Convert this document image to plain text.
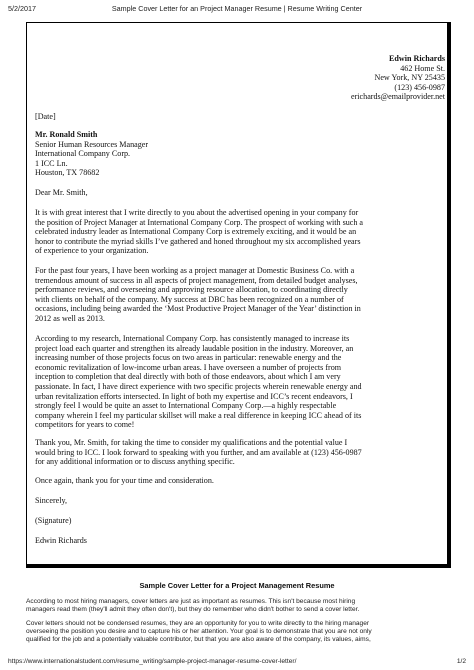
5/2/2017	Sample Cover Letter for an Project Manager Resume | Resume Writing Center
Edwin Richards
462 Home St.
New York, NY 25435
(123) 456-0987
erichards@emailprovider.net
[Date]
Mr. Ronald Smith
Senior Human Resources Manager
International Company Corp.
1 ICC Ln.
Houston, TX 78682
Dear Mr. Smith,
It is with great interest that I write directly to you about the advertised opening in your company for
the position of Project Manager at International Company Corp. The prospect of working with such a
celebrated industry leader as International Company Corp is extremely exciting, and it would be an
honor to contribute the myriad skills I’ve gathered and honed throughout my six accomplished years
of experience to your organization.
For the past four years, I have been working as a project manager at Domestic Business Co. with a
tremendous amount of success in all aspects of project management, from detailed budget analyses,
performance reviews, and overseeing and approving resource allocation, to coordinating directly
with clients on behalf of the company. My success at DBC has been recognized on a number of
occasions, including being awarded the ‘Most Productive Project Manager of the Year’ distinction in
2012 as well as 2013.
According to my research, International Company Corp. has consistently managed to increase its
project load each quarter and strengthen its already laudable position in the industry. Moreover, an
increasing number of those projects focus on two areas in particular: renewable energy and the
economic revitalization of low-income urban areas. I have overseen a number of projects from
inception to completion that deal directly with both of those endeavors, about which I am very
passionate. In fact, I have direct experience with two specific projects wherein renewable energy and
urban revitalization efforts intersected. In light of both my expertise and ICC’s recent endeavors, I
strongly feel I would be quite an asset to International Company Corp.—a highly respectable
company wherein I feel my particular skillset will make a real difference in keeping ICC ahead of its
competitors for years to come!
Thank you, Mr. Smith, for taking the time to consider my qualifications and the potential value I
would bring to ICC. I look forward to speaking with you further, and am available at (123) 456-0987
for any additional information or to discuss anything specific.
Once again, thank you for your time and consideration.
Sincerely,
(Signature)
Edwin Richards
Sample Cover Letter for a Project Management Resume
According to most hiring managers, cover letters are just as important as resumes. This isn't because most hiring
managers read them (they'll admit they often don't), but they do remember who didn't bother to send a cover letter.
Cover letters should not be condensed resumes, they are an opportunity for you to write directly to the hiring manager
overseeing the position you desire and to capture his or her attention. Your goal is to demonstrate that you are not only
qualified for the job and a potentially valuable contributor, but that you are also aware of the company, its values, aims,
https://www.internationalstudent.com/resume_writing/sample-project-manager-resume-cover-letter/	1/2
